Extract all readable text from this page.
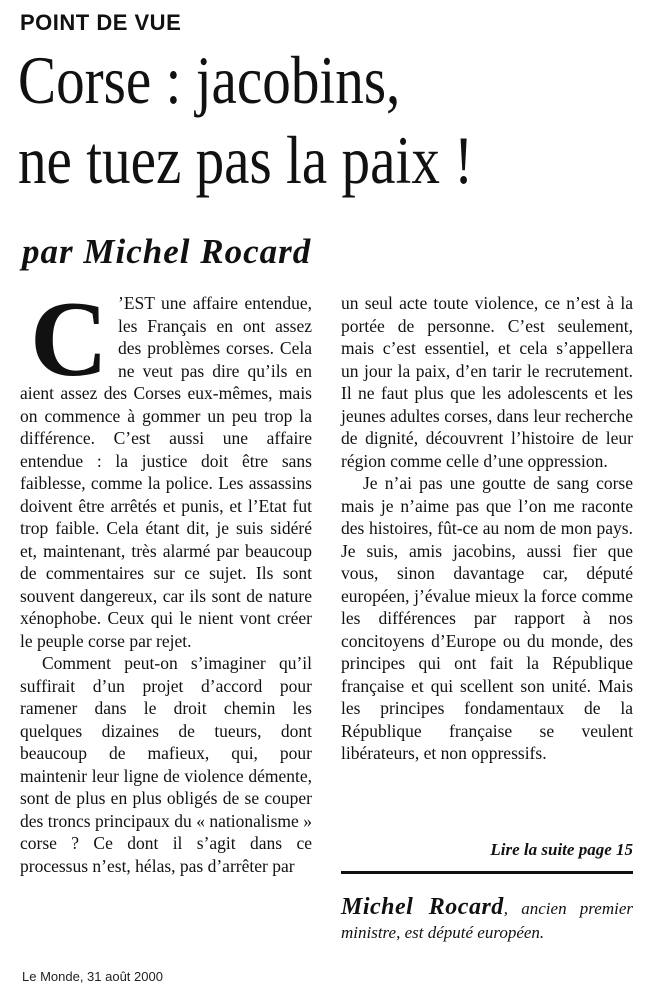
POINT DE VUE
Corse : jacobins,
ne tuez pas la paix !
par Michel Rocard

C ’EST une affaire entendue, les Français en ont assez des problèmes corses. Cela ne veut pas dire qu’ils en aient assez des Corses eux-mêmes, mais on commence à gommer un peu trop la différence. C’est aussi une affaire entendue : la justice doit être sans faiblesse, comme la police. Les assassins doivent être arrêtés et punis, et l’Etat fut trop faible. Cela étant dit, je suis sidéré et, maintenant, très alarmé par beaucoup de commentaires sur ce sujet. Ils sont souvent dangereux, car ils sont de nature xénophobe. Ceux qui le nient vont créer le peuple corse par rejet.

Comment peut-on s’imaginer qu’il suffirait d’un projet d’accord pour ramener dans le droit chemin les quelques dizaines de tueurs, dont beaucoup de mafieux, qui, pour maintenir leur ligne de violence démente, sont de plus en plus obligés de se couper des troncs principaux du « nationalisme » corse ? Ce dont il s’agit dans ce processus n’est, hélas, pas d’arrêter par

un seul acte toute violence, ce n’est à la portée de personne. C’est seulement, mais c’est essentiel, et cela s’appellera un jour la paix, d’en tarir le recrutement. Il ne faut plus que les adolescents et les jeunes adultes corses, dans leur recherche de dignité, découvrent l’histoire de leur région comme celle d’une oppression.

Je n’ai pas une goutte de sang corse mais je n’aime pas que l’on me raconte des histoires, fût-ce au nom de mon pays. Je suis, amis jacobins, aussi fier que vous, sinon davantage car, député européen, j’évalue mieux la force comme les différences par rapport à nos concitoyens d’Europe ou du monde, des principes qui ont fait la République française et qui scellent son unité. Mais les principes fondamentaux de la République française se veulent libérateurs, et non oppressifs.

Lire la suite page 15
Michel Rocard, ancien premier ministre, est député européen.
Le Monde, 31 août 2000
